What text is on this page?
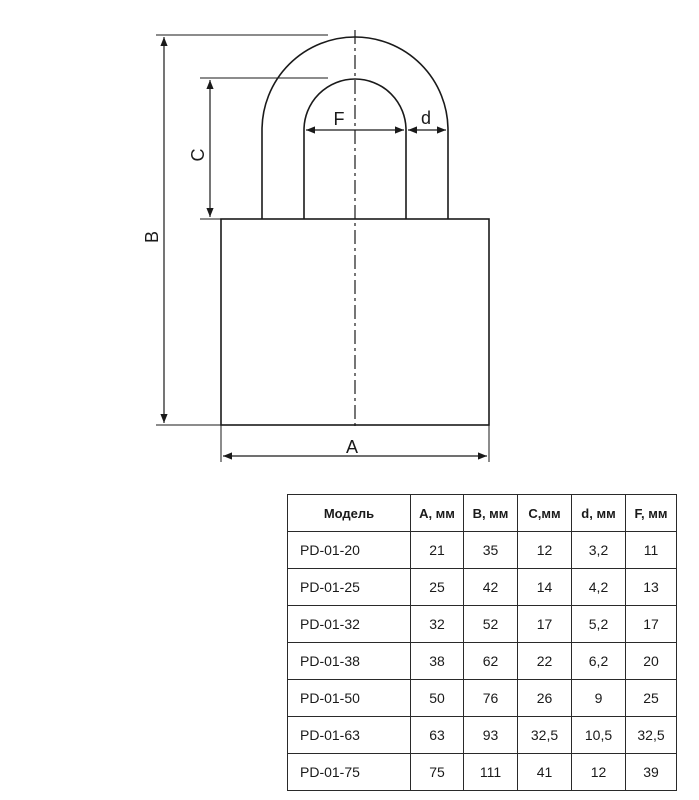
B
C
A
F	d
Модель	A, мм	B, мм	C,мм	d, мм	F, мм
PD-01-20	21	35	12	3,2	11
PD-01-25	25	42	14	4,2	13
PD-01-32	32	52	17	5,2	17
PD-01-38	38	62	22	6,2	20
PD-01-50	50	76	26	9	25
PD-01-63	63	93	32,5	10,5	32,5
PD-01-75	75	111	41	12	39
